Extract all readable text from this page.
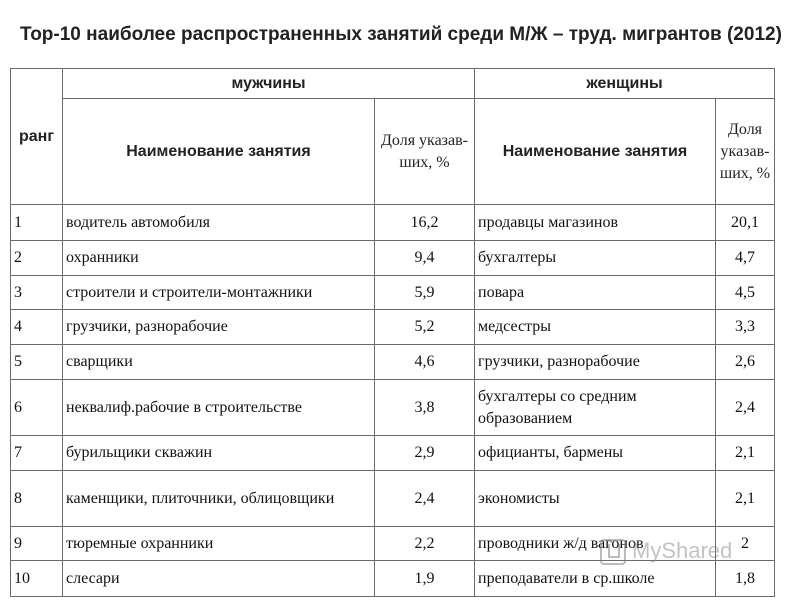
Top-10 наиболее распространенных занятий среди М/Ж – труд. мигрантов (2012)
ранг	мужчины		женщины	
	Наименование занятия	Доля указав-ших, %	Наименование занятия	Доля указав-ших, %
1	водитель автомобиля	16,2	продавцы магазинов	20,1
2	охранники	9,4	бухгалтеры	4,7
3	строители и строители-монтажники	5,9	повара	4,5
4	грузчики, разнорабочие	5,2	медсестры	3,3
5	сварщики	4,6	грузчики, разнорабочие	2,6
6	неквалиф.рабочие в строительстве	3,8	бухгалтеры со средним образованием	2,4
7	бурильщики скважин	2,9	официанты, бармены	2,1
8	каменщики, плиточники, облицовщики	2,4	экономисты	2,1
9	тюремные охранники	2,2	проводники ж/д вагонов	2
10	слесари	1,9	преподаватели в ср.школе	1,8
MyShared
